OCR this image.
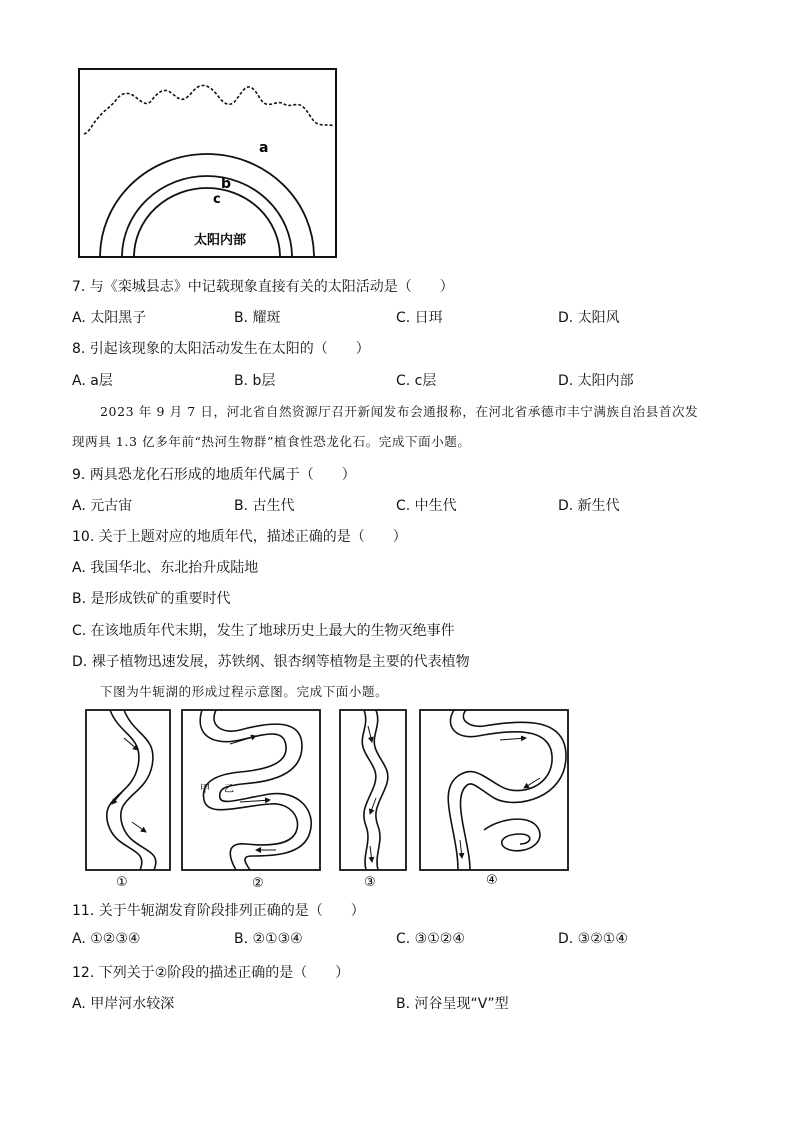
a
b
c
太阳内部
7. 与《栾城县志》中记载现象直接有关的太阳活动是（　　）
A. 太阳黑子	B. 耀斑	C. 日珥	D. 太阳风
8. 引起该现象的太阳活动发生在太阳的（　　）
A. a层	B. b层	C. c层	D. 太阳内部
2023 年 9 月 7 日，河北省自然资源厅召开新闻发布会通报称，在河北省承德市丰宁满族自治县首次发
现两具 1.3 亿多年前“热河生物群”植食性恐龙化石。完成下面小题。
9. 两具恐龙化石形成的地质年代属于（　　）
A. 元古宙	B. 古生代	C. 中生代	D. 新生代
10. 关于上题对应的地质年代，描述正确的是（　　）
A. 我国华北、东北抬升成陆地
B. 是形成铁矿的重要时代
C. 在该地质年代末期，发生了地球历史上最大的生物灭绝事件
D. 裸子植物迅速发展，苏铁纲、银杏纲等植物是主要的代表植物
下图为牛轭湖的形成过程示意图。完成下面小题。
甲 乙
①	②	③	④
11. 关于牛轭湖发育阶段排列正确的是（　　）
A. ①②③④	B. ②①③④	C. ③①②④	D. ③②①④
12. 下列关于②阶段的描述正确的是（　　）
A. 甲岸河水较深	B. 河谷呈现“V”型
